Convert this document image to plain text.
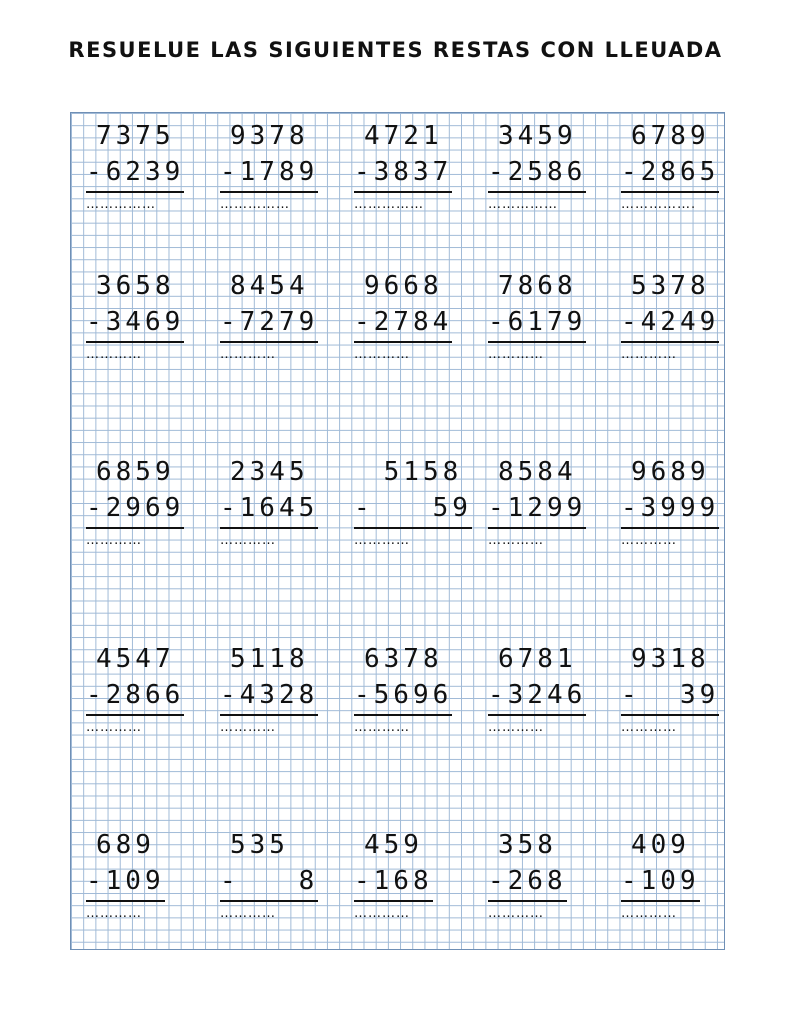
RESUELUE LAS SIGUIENTES RESTAS CON LLEUADA
7375
-6239
……………
9378
-1789
……………
4721
-3837
……………
3459
-2586
……………
6789
-2865
…………….
3658
-3469
…………
8454
-7279
…………
9668
-2784
…………
7868
-6179
…………
5378
-4249
…………
6859
-2969
…………
2345
-1645
…………
5158
-   59
…………
8584
-1299
…………
9689
-3999
…………
4547
-2866
…………
5118
-4328
…………
6378
-5696
…………
6781
-3246
…………
9318
-  39
…………
689
-109
…………
535
-   8
…………
459
-168
…………
358
-268
…………
409
-109
…………
